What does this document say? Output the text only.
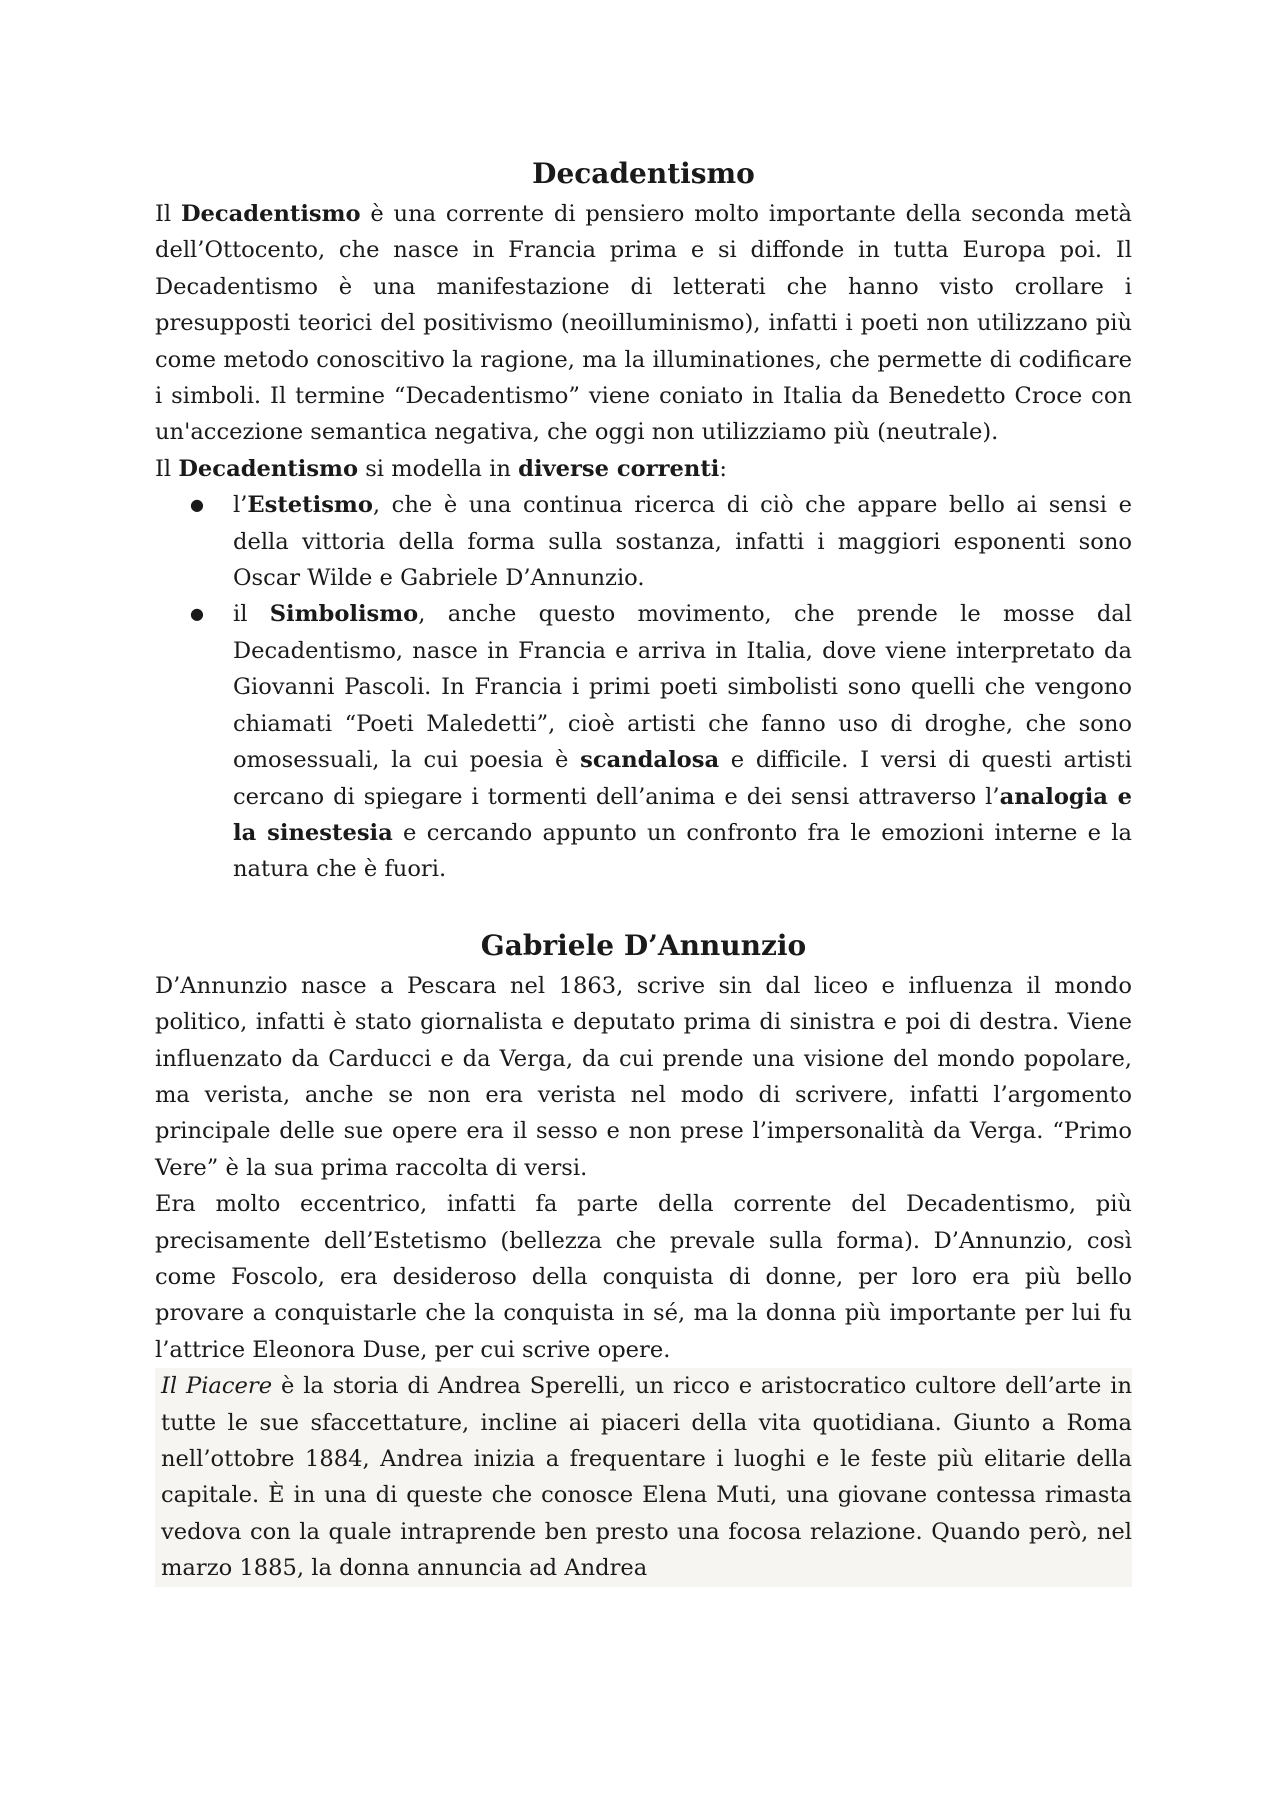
Decadentismo

Il Decadentismo è una corrente di pensiero molto importante della seconda metà dell’Ottocento, che nasce in Francia prima e si diffonde in tutta Europa poi. Il Decadentismo è una manifestazione di letterati che hanno visto crollare i presupposti teorici del positivismo (neoilluminismo), infatti i poeti non utilizzano più come metodo conoscitivo la ragione, ma la illuminationes, che permette di codificare i simboli. Il termine “Decadentismo” viene coniato in Italia da Benedetto Croce con un'accezione semantica negativa, che oggi non utilizziamo più (neutrale).

Il Decadentismo si modella in diverse correnti:

● l’Estetismo, che è una continua ricerca di ciò che appare bello ai sensi e della vittoria della forma sulla sostanza, infatti i maggiori esponenti sono Oscar Wilde e Gabriele D’Annunzio.
● il Simbolismo, anche questo movimento, che prende le mosse dal Decadentismo, nasce in Francia e arriva in Italia, dove viene interpretato da Giovanni Pascoli. In Francia i primi poeti simbolisti sono quelli che vengono chiamati “Poeti Maledetti”, cioè artisti che fanno uso di droghe, che sono omosessuali, la cui poesia è scandalosa e difficile. I versi di questi artisti cercano di spiegare i tormenti dell’anima e dei sensi attraverso l’analogia e la sinestesia e cercando appunto un confronto fra le emozioni interne e la natura che è fuori.
Gabriele D’Annunzio

D’Annunzio nasce a Pescara nel 1863, scrive sin dal liceo e influenza il mondo politico, infatti è stato giornalista e deputato prima di sinistra e poi di destra. Viene influenzato da Carducci e da Verga, da cui prende una visione del mondo popolare, ma verista, anche se non era verista nel modo di scrivere, infatti l’argomento principale delle sue opere era il sesso e non prese l’impersonalità da Verga. “Primo Vere” è la sua prima raccolta di versi.

Era molto eccentrico, infatti fa parte della corrente del Decadentismo, più precisamente dell’Estetismo (bellezza che prevale sulla forma). D’Annunzio, così come Foscolo, era desideroso della conquista di donne, per loro era più bello provare a conquistarle che la conquista in sé, ma la donna più importante per lui fu l’attrice Eleonora Duse, per cui scrive opere.

Il Piacere è la storia di Andrea Sperelli, un ricco e aristocratico cultore dell’arte in tutte le sue sfaccettature, incline ai piaceri della vita quotidiana. Giunto a Roma nell’ottobre 1884, Andrea inizia a frequentare i luoghi e le feste più elitarie della capitale. È in una di queste che conosce Elena Muti, una giovane contessa rimasta vedova con la quale intraprende ben presto una focosa relazione. Quando però, nel marzo 1885, la donna annuncia ad Andrea
